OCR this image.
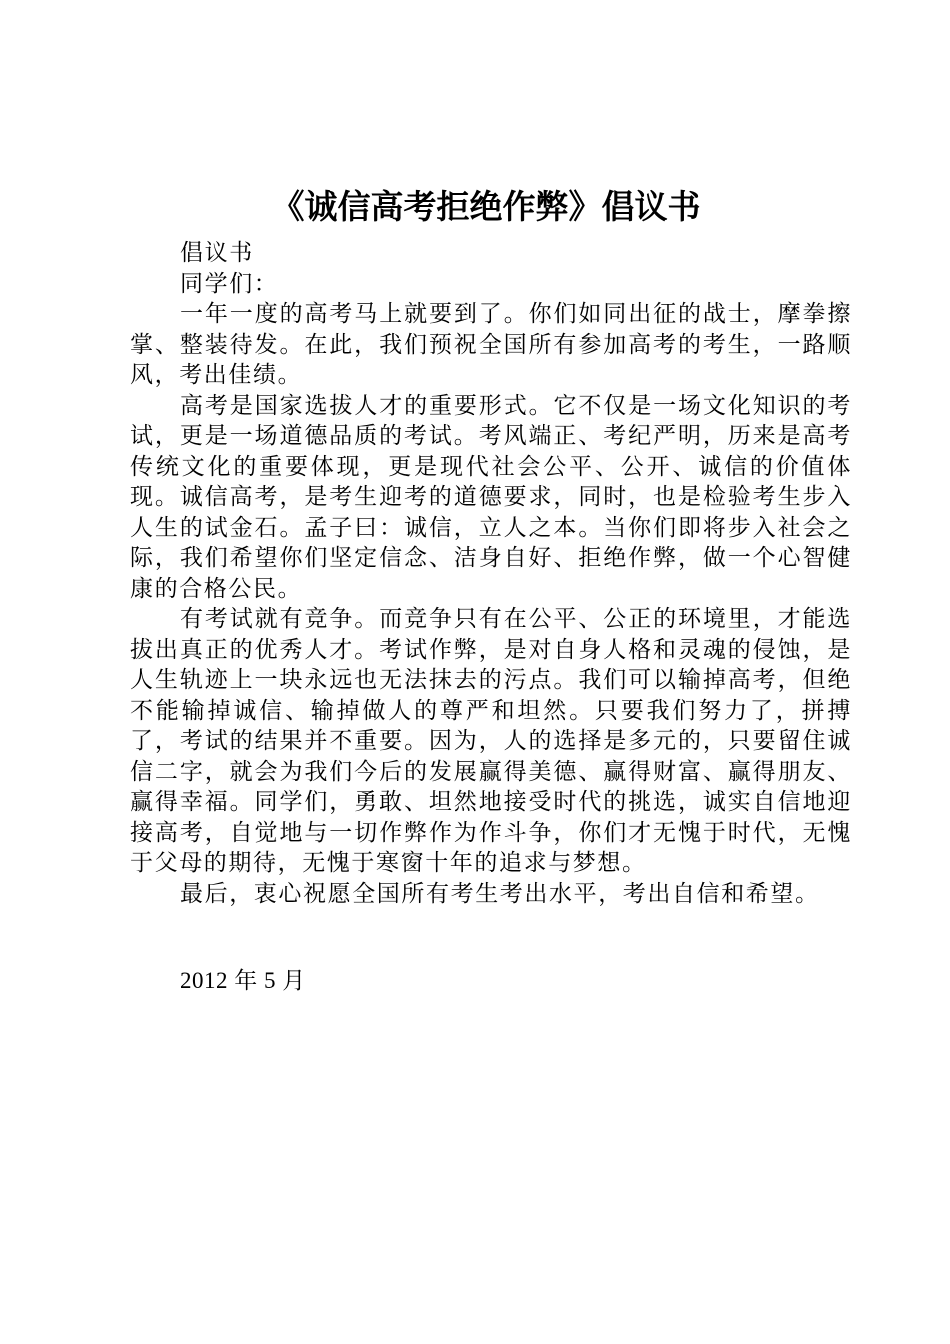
《诚信高考拒绝作弊》倡议书

倡议书

同学们：

一年一度的高考马上就要到了。你们如同出征的战士，摩拳擦掌、整装待发。在此，我们预祝全国所有参加高考的考生，一路顺风，考出佳绩。

高考是国家选拔人才的重要形式。它不仅是一场文化知识的考试，更是一场道德品质的考试。考风端正、考纪严明，历来是高考传统文化的重要体现，更是现代社会公平、公开、诚信的价值体现。诚信高考，是考生迎考的道德要求，同时，也是检验考生步入人生的试金石。孟子曰：诚信，立人之本。当你们即将步入社会之际，我们希望你们坚定信念、洁身自好、拒绝作弊，做一个心智健康的合格公民。

有考试就有竞争。而竞争只有在公平、公正的环境里，才能选拔出真正的优秀人才。考试作弊，是对自身人格和灵魂的侵蚀，是人生轨迹上一块永远也无法抹去的污点。我们可以输掉高考，但绝不能输掉诚信、输掉做人的尊严和坦然。只要我们努力了，拼搏了，考试的结果并不重要。因为，人的选择是多元的，只要留住诚信二字，就会为我们今后的发展赢得美德、赢得财富、赢得朋友、赢得幸福。同学们，勇敢、坦然地接受时代的挑选，诚实自信地迎接高考，自觉地与一切作弊作为作斗争，你们才无愧于时代，无愧于父母的期待，无愧于寒窗十年的追求与梦想。

最后，衷心祝愿全国所有考生考出水平，考出自信和希望。

2012 年 5 月
